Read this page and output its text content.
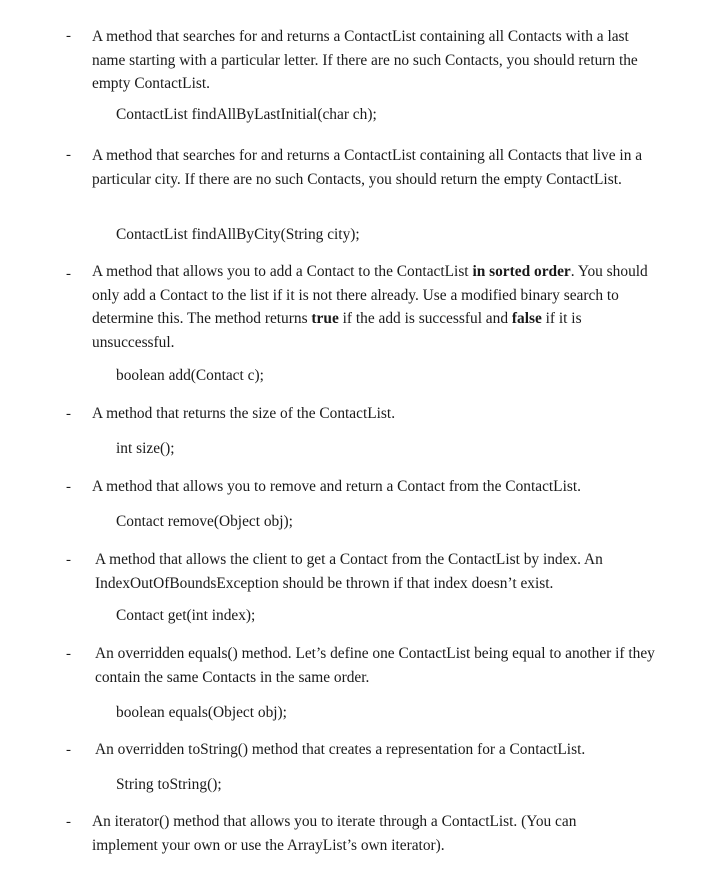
- A method that searches for and returns a ContactList containing all Contacts with a last name starting with a particular letter. If there are no such Contacts, you should return the empty ContactList.
ContactList findAllByLastInitial(char ch);
- A method that searches for and returns a ContactList containing all Contacts that live in a particular city. If there are no such Contacts, you should return the empty ContactList.
ContactList findAllByCity(String city);
- A method that allows you to add a Contact to the ContactList in sorted order. You should only add a Contact to the list if it is not there already. Use a modified binary search to determine this. The method returns true if the add is successful and false if it is unsuccessful.
boolean add(Contact c);
- A method that returns the size of the ContactList.
int size();
- A method that allows you to remove and return a Contact from the ContactList.
Contact remove(Object obj);
- A method that allows the client to get a Contact from the ContactList by index. An IndexOutOfBoundsException should be thrown if that index doesn’t exist.
Contact get(int index);
- An overridden equals() method. Let’s define one ContactList being equal to another if they contain the same Contacts in the same order.
boolean equals(Object obj);
- An overridden toString() method that creates a representation for a ContactList.
String toString();
- An iterator() method that allows you to iterate through a ContactList. (You can implement your own or use the ArrayList’s own iterator).
